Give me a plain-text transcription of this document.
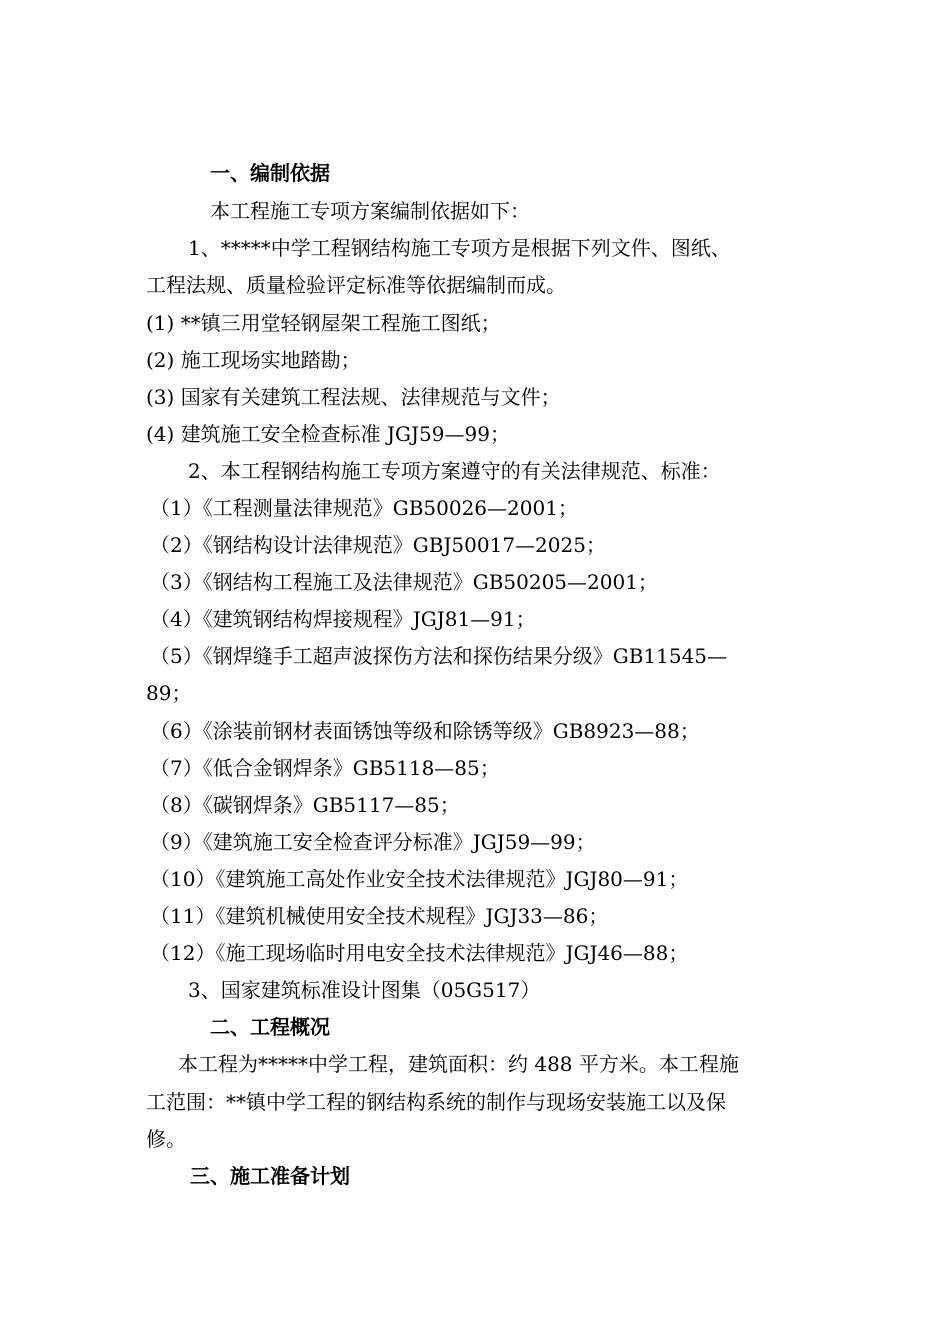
一、编制依据
本工程施工专项方案编制依据如下：
1、*****中学工程钢结构施工专项方是根据下列文件、图纸、
工程法规、质量检验评定标准等依据编制而成。
(1) **镇三用堂轻钢屋架工程施工图纸；
(2) 施工现场实地踏勘；
(3) 国家有关建筑工程法规、法律规范与文件；
(4) 建筑施工安全检查标准 JGJ59—99；
2、本工程钢结构施工专项方案遵守的有关法律规范、标准：
（1）《工程测量法律规范》GB50026—2001；
（2）《钢结构设计法律规范》GBJ50017—2025；
（3）《钢结构工程施工及法律规范》GB50205—2001；
（4）《建筑钢结构焊接规程》JGJ81—91；
（5）《钢焊缝手工超声波探伤方法和探伤结果分级》GB11545—
89；
（6）《涂装前钢材表面锈蚀等级和除锈等级》GB8923—88；
（7）《低合金钢焊条》GB5118—85；
（8）《碳钢焊条》GB5117—85；
（9）《建筑施工安全检查评分标准》JGJ59—99；
（10）《建筑施工高处作业安全技术法律规范》JGJ80—91；
（11）《建筑机械使用安全技术规程》JGJ33—86；
（12）《施工现场临时用电安全技术法律规范》JGJ46—88；
3、国家建筑标准设计图集（05G517）
二、工程概况
本工程为*****中学工程，建筑面积：约 488 平方米。本工程施
工范围：**镇中学工程的钢结构系统的制作与现场安装施工以及保
修。
三、施工准备计划
